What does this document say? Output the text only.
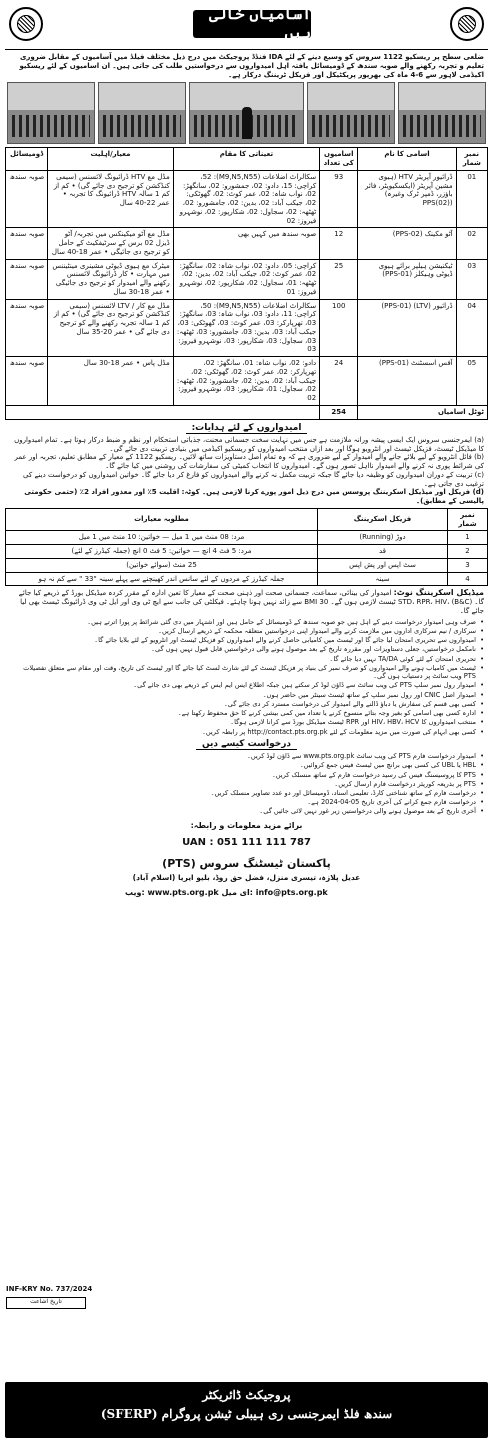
اسامیاں خالی ہیں
ضلعی سطح پر ریسکیو 1122 سروس کو وسیع دینے کے لئے IDA فنڈڈ پروجیکٹ میں درج ذیل مختلف فیلڈ میں آسامیوں کے مقابل ضروری تعلیم و تجربہ رکھنے والے صوبہ سندھ کے ڈومیسائل یافتہ اہل امیدواروں سے درخواستیں طلب کی جاتی ہیں۔ ان اسامیوں کے لئے ریسکیو اکیڈمی لاہور سے 6-4 ماہ کی بھرپور پریکٹیکل اور فزیکل ٹریننگ درکار ہے۔
نمبر شمار	اسامی کا نام	اسامیوں کی تعداد	تعیناتی کا مقام	معیار/اہلیت	ڈومیسائل
01	ڈرائیور آپریٹر HTV (ہیوی مشین آپریٹر (ایکسکیویٹر، فائر باؤزر، ڈمپر ٹرک وغیرہ) (PPS(02)	93	سکالراٹ اضلاعات (M9,N5,N55): 52، کراچی: 15، دادو: 02، جمشورو: 02، سانگھڑ: 02، نواب شاہ: 02، عمر کوٹ: 02، گھوٹکی: 02، جیکب آباد: 02، بدین: 02، جامشورو: 02، ٹھٹھہ: 02، سجاول: 02، شکارپور: 02، نوشہرو فیروز: 02	مڈل مع HTV ڈرائیونگ لائسنس (سیمی کنڈکشن کو ترجیح دی جائے گی) • کم از کم 1 سالہ HTV ڈرائیونگ کا تجربہ • عمر 22-40 سال	صوبہ سندھ
02	آٹو مکینک (PPS-02)	12	صوبہ سندھ میں کہیں بھی	مڈل مع آٹو میکینکس میں تجربہ/ آٹو ڈیزل 02 برس کے سرٹیفکیٹ کے حامل کو ترجیح دی جائیگی • عمر 18-40 سال	صوبہ سندھ
03	ٹیکنیشن ہیلپر برائے ہیوی ڈیوٹی وہیکلز (PPS-01)	25	کراچی: 05، دادو: 02، نواب شاہ: 02، سانگھڑ: 02، عمر کوٹ: 02، جیکب آباد: 02، بدین: 02، ٹھٹھہ: 01، سجاول: 02، شکارپور: 02، نوشہرو فیروز: 01	میٹرک مع ہیوی ڈیوٹی مشینری مینٹیننس میں مہارت • کار ڈرائیونگ لائسنس رکھنے والے امیدوار کو ترجیح دی جائیگی • عمر 18-30 سال	صوبہ سندھ
04	ڈرائیور (LTV) (PPS-01)	100	سکالراٹ اضلاعات (M9,N5,N55): 50، کراچی: 11، دادو: 03، نواب شاہ: 03، سانگھڑ: 03، تھرپارکر: 03، عمر کوٹ: 03، گھوٹکی: 03، جیکب آباد: 03، بدین: 03، جامشورو: 03، ٹھٹھہ: 03، سجاول: 03، شکارپور: 03، نوشہرو فیروز: 03	مڈل مع کار / LTV لائسنس (سیمی کنڈکشن کو ترجیح دی جائے گی) • کم از کم 1 سالہ تجربہ رکھنے والے کو ترجیح دی جائے گی • عمر 20-35 سال	صوبہ سندھ
05	آفس اسسٹنٹ (PPS-01)	24	دادو: 02، نواب شاہ: 01، سانگھڑ: 02، تھرپارکر: 02، عمر کوٹ: 02، گھوٹکی: 02، جیکب آباد: 02، بدین: 02، جامشورو: 02، ٹھٹھہ: 02، سجاول: 01، شکارپور: 03، نوشہرو فیروز: 02	مڈل پاس • عمر 18-30 سال	صوبہ سندھ
ٹوٹل اسامیاں		254			
امیدواروں کے لئے ہدایات:

(a) ایمرجنسی سروس ایک ایسی پیشہ ورانہ ملازمت ہے جس میں نہایت سخت جسمانی محنت، جذباتی استحکام اور نظم و ضبط درکار ہوتا ہے۔ تمام امیدواروں کا میڈیکل ٹیسٹ، فزیکل ٹیسٹ اور انٹرویو ہوگا اور بعد ازاں منتخب امیدواروں کو ریسکیو اکیڈمی میں بنیادی تربیت دی جائے گی۔

(b) فائل انٹرویو کے لیے بلائے جانے والے امیدوار کے لیے ضروری ہے کہ وہ تمام اصل دستاویزات ساتھ لائیں۔ ریسکیو 1122 کے معیار کے مطابق تعلیم، تجربہ اور عمر کی شرائط پوری نہ کرنے والے امیدوار نااہل تصور ہوں گے۔ امیدواروں کا انتخاب کمیٹی کی سفارشات کی روشنی میں کیا جائے گا۔

(c) تربیت کے دوران امیدواروں کو وظیفہ دیا جائے گا جبکہ تربیت مکمل نہ کرنے والے امیدواروں کو فارغ کر دیا جائے گا۔ خواتین امیدواروں کو درخواست دینے کی ترغیب دی جاتی ہے۔

(d) فزیکل اور میڈیکل اسکریننگ پروسس میں درج ذیل امور پورے کرنا لازمی ہیں۔ کوٹہ: اقلیت 5٪ اور معذور افراد 2٪ (حتمی حکومتی پالیسی کے مطابق)۔

نمبر شمار	فزیکل اسکریننگ	مطلوبہ معیارات
1	دوڑ (Running)	مرد: 08 منٹ میں 1 میل — خواتین: 10 منٹ میں 1 میل
2	قد	مرد: 5 فٹ 4 انچ — خواتین: 5 فٹ 0 انچ (جملہ کیڈرز کے لئے)
3	سٹ اپس اور پش اپس	25 منٹ (سوائے خواتین)
4	سینہ	جملہ کیڈرز کے مردوں کے لئے سانس اندر کھینچنے سے پہلے سینہ "33 " سے کم نہ ہو
میڈیکل اسکریننگ نوٹ: امیدوار کی بینائی، سماعت، جسمانی صحت اور ذہنی صحت کے معیار کا تعین ادارہ کے مقرر کردہ میڈیکل بورڈ کے ذریعے کیا جائے گا۔ STD، RPR، HIV، (B&C) ٹیسٹ لازمی ہوں گے۔ BMI 30 سے زائد نہیں ہونا چاہئے۔ فیکلٹی کی جانب سے ایچ ٹی وی اور ایل ٹی وی ڈرائیونگ ٹیسٹ بھی لیا جائے گا۔
• صرف وہی امیدوار درخواست دینے کے اہل ہیں جو صوبہ سندھ کے ڈومیسائل کے حامل ہیں اور اشتہار میں دی گئی شرائط پر پورا اترتے ہیں۔
• سرکاری / نیم سرکاری اداروں میں ملازمت کرنے والے امیدوار اپنی درخواستیں متعلقہ محکمہ کے ذریعے ارسال کریں۔
• امیدواروں سے تحریری امتحان لیا جائے گا اور ٹیسٹ میں کامیابی حاصل کرنے والے امیدواروں کو فزیکل ٹیسٹ اور انٹرویو کے لئے بلایا جائے گا۔
• نامکمل درخواستیں، جعلی دستاویزات اور مقررہ تاریخ کے بعد موصول ہونے والی درخواستیں قابل قبول نہیں ہوں گی۔
• تحریری امتحان کے لئے کوئی TA/DA نہیں دیا جائے گا۔
• ٹیسٹ میں کامیاب ہونے والے امیدواروں کو صرف نمبر کی بنیاد پر فزیکل ٹیسٹ کے لئے شارٹ لسٹ کیا جائے گا اور ٹیسٹ کی تاریخ، وقت اور مقام سے متعلق تفصیلات PTS ویب سائٹ پر دستیاب ہوں گی۔
• امیدوار رول نمبر سلپ PTS کی ویب سائٹ سے ڈاؤن لوڈ کر سکتے ہیں جبکہ اطلاع ایس ایم ایس کے ذریعے بھی دی جائے گی۔
• امیدوار اصل CNIC اور رول نمبر سلپ کے ساتھ ٹیسٹ سینٹر میں حاضر ہوں۔
• کسی بھی قسم کی سفارش یا دباؤ ڈالنے والے امیدوار کی درخواست مسترد کر دی جائے گی۔
• ادارہ کسی بھی اسامی کو بغیر وجہ بتائے منسوخ کرنے یا تعداد میں کمی بیشی کرنے کا حق محفوظ رکھتا ہے۔
• منتخب امیدواروں کا HIV، HBV، HCV اور RPR ٹیسٹ میڈیکل بورڈ سے کرانا لازمی ہوگا۔
• کسی بھی ابہام کی صورت میں مزید معلومات کے لئے http://contact.pts.org.pk پر رابطہ کریں۔
درخواست کیسے دیں
• امیدوار درخواست فارم PTS کی ویب سائٹ www.pts.org.pk سے ڈاؤن لوڈ کریں۔
• HBL یا UBL کی کسی بھی برانچ میں ٹیسٹ فیس جمع کروائیں۔
• PTS کا پروسیسنگ فیس کی رسید درخواست فارم کے ساتھ منسلک کریں۔
• PTS پر بذریعہ کوریئر درخواست فارم ارسال کریں۔
• درخواست فارم کے ساتھ شناختی کارڈ، تعلیمی اسناد، ڈومیسائل اور دو عدد تصاویر منسلک کریں۔
• درخواست فارم جمع کرانے کی آخری تاریخ 05-04-2024 ہے۔
• آخری تاریخ کے بعد موصول ہونے والی درخواستیں زیر غور نہیں لائی جائیں گی۔
برائے مزید معلومات و رابطہ:
UAN : 051 111 111 787
پاکستان ٹیسٹنگ سروس (PTS)
عدیل پلازہ، تیسری منزل، فضل حق روڈ، بلیو ایریا (اسلام آباد)
ویب: www.pts.org.pk ای میل: info@pts.org.pk
INF-KRY No. 737/2024
تاریخ اشاعت
پروجیکٹ ڈائریکٹر
سندھ فلڈ ایمرجنسی ری ہیبلی ٹیشن پروگرام (SFERP)
